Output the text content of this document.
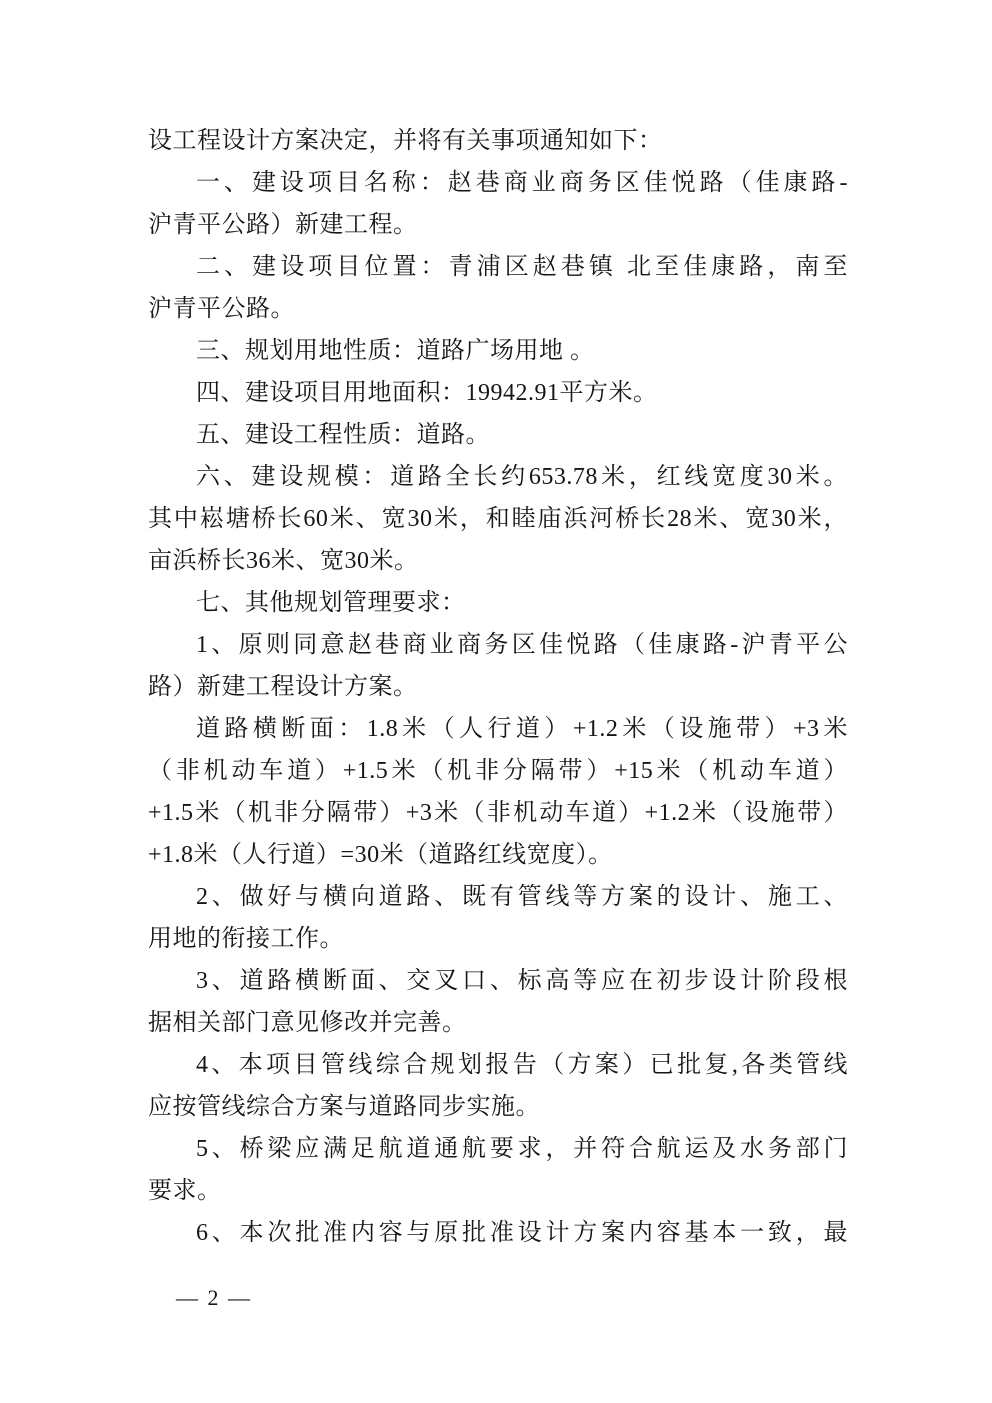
设工程设计方案决定，并将有关事项通知如下：
一、建设项目名称：赵巷商业商务区佳悦路（佳康路-
沪青平公路）新建工程。
二、建设项目位置：青浦区赵巷镇 北至佳康路，南至
沪青平公路。
三、规划用地性质：道路广场用地 。
四、建设项目用地面积：19942.91平方米。
五、建设工程性质：道路。
六、建设规模：道路全长约653.78米，红线宽度30米。
其中崧塘桥长60米、宽30米，和睦庙浜河桥长28米、宽30米，
亩浜桥长36米、宽30米。
七、其他规划管理要求：
1、原则同意赵巷商业商务区佳悦路（佳康路-沪青平公
路）新建工程设计方案。
道路横断面：1.8米（人行道）+1.2米（设施带）+3米
（非机动车道）+1.5米（机非分隔带）+15米（机动车道）
+1.5米（机非分隔带）+3米（非机动车道）+1.2米（设施带）
+1.8米（人行道）=30米（道路红线宽度）。
2、做好与横向道路、既有管线等方案的设计、施工、
用地的衔接工作。
3、道路横断面、交叉口、标高等应在初步设计阶段根
据相关部门意见修改并完善。
4、本项目管线综合规划报告（方案）已批复,各类管线
应按管线综合方案与道路同步实施。
5、桥梁应满足航道通航要求，并符合航运及水务部门
要求。
6、本次批准内容与原批准设计方案内容基本一致，最
— 2 —
